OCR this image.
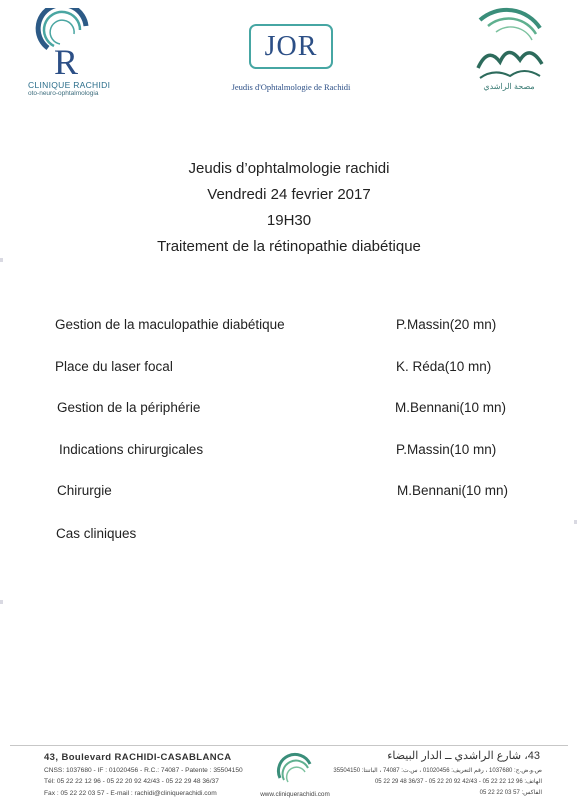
R
CLINIQUE RACHIDI
oto-neuro-ophtalmologia
JOR
Jeudis d'Ophtalmologie de Rachidi	مصحة الراشدي
Jeudis d’ophtalmologie rachidi
Vendredi 24 fevrier 2017
19H30
Traitement de la rétinopathie diabétique
Gestion de la maculopathie diabétique	P.Massin(20 mn)
Place du laser focal	K. Réda(10 mn)
Gestion de la périphérie	M.Bennani(10 mn)
Indications chirurgicales	P.Massin(10 mn)
Chirurgie	M.Bennani(10 mn)
Cas cliniques
43, Boulevard RACHIDI-CASABLANCA
CNSS: 1037680 - IF : 01020456 - R.C.: 74087 - Patente : 35504150
Tél: 05 22 22 12 96 - 05 22 20 92 42/43 - 05 22 29 48 36/37
Fax : 05 22 22 03 57 - E-mail : rachidi@cliniquerachidi.com	www.cliniquerachidi.com
43، شارع الراشدي ــ الدار البيضاء
ص.و.ض.ج: 1037680 ، رقم التعريف: 01020456 ، س.ت: 74087 ، الباتنتا: 35504150
الهاتف: 96 12 22 22 05 - 42/43 92 20 22 05 - 36/37 48 29 22 05
الفاكس: 57 03 22 22 05
